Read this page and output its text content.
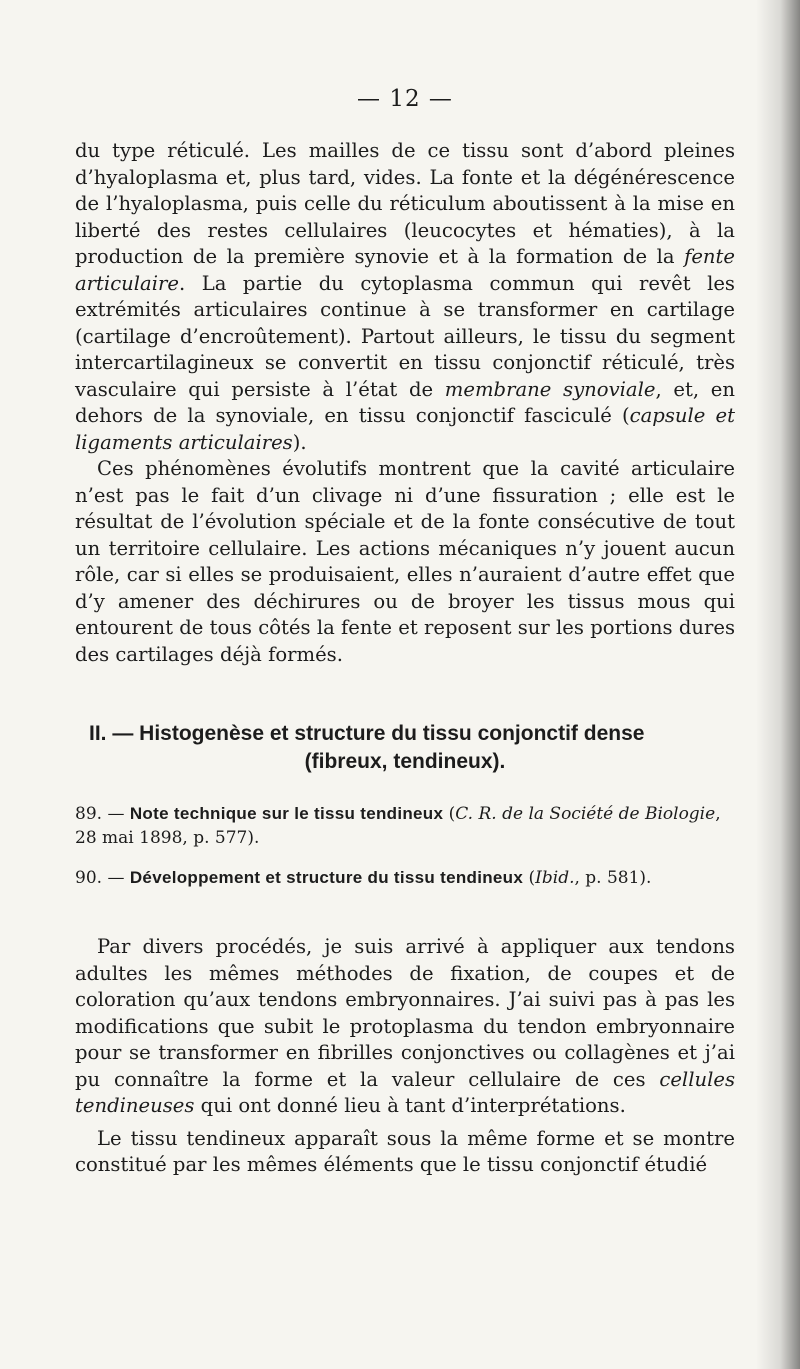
— 12 —

du type réticulé. Les mailles de ce tissu sont d’abord pleines d’hyaloplasma et, plus tard, vides. La fonte et la dégénérescence de l’hyaloplasma, puis celle du réticulum aboutissent à la mise en liberté des restes cellulaires (leucocytes et hématies), à la production de la première synovie et à la formation de la fente articulaire. La partie du cytoplasma commun qui revêt les extrémités articulaires continue à se transformer en cartilage (cartilage d’encroûtement). Partout ailleurs, le tissu du segment intercartilagineux se convertit en tissu conjonctif réticulé, très vasculaire qui persiste à l’état de membrane synoviale, et, en dehors de la synoviale, en tissu conjonctif fasciculé (capsule et ligaments articulaires).

Ces phénomènes évolutifs montrent que la cavité articulaire n’est pas le fait d’un clivage ni d’une fissuration ; elle est le résultat de l’évolution spéciale et de la fonte consécutive de tout un territoire cellulaire. Les actions mécaniques n’y jouent aucun rôle, car si elles se produisaient, elles n’auraient d’autre effet que d’y amener des déchirures ou de broyer les tissus mous qui entourent de tous côtés la fente et reposent sur les portions dures des cartilages déjà formés.

II. — Histogenèse et structure du tissu conjonctif dense
(fibreux, tendineux).
89. — Note technique sur le tissu tendineux (C. R. de la Société de Biologie, 28 mai 1898, p. 577).
90. — Développement et structure du tissu tendineux (Ibid., p. 581).

Par divers procédés, je suis arrivé à appliquer aux tendons adultes les mêmes méthodes de fixation, de coupes et de coloration qu’aux tendons embryonnaires. J’ai suivi pas à pas les modifications que subit le protoplasma du tendon embryonnaire pour se transformer en fibrilles conjonctives ou collagènes et j’ai pu connaître la forme et la valeur cellulaire de ces cellules tendineuses qui ont donné lieu à tant d’interprétations.

Le tissu tendineux apparaît sous la même forme et se montre constitué par les mêmes éléments que le tissu conjonctif étudié
